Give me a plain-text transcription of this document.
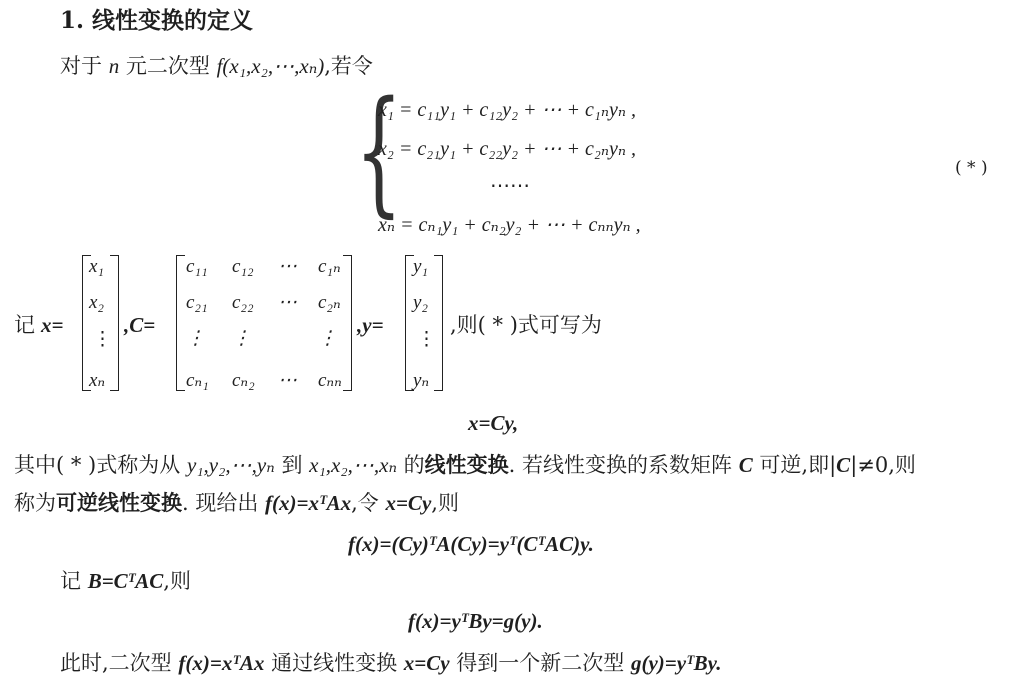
1. 线性变换的定义
对于 n 元二次型 f(x₁,x₂,⋯,xₙ),若令
{
x₁ = c₁₁y₁ + c₁₂y₂ + ⋯ + c₁ₙyₙ ,
x₂ = c₂₁y₁ + c₂₂y₂ + ⋯ + c₂ₙyₙ ,
⋯⋯
xₙ = cₙ₁y₁ + cₙ₂y₂ + ⋯ + cₙₙyₙ ,
( * )
记 x=
x₁
x₂
⋮
xₙ
,C=
c₁₁ c₁₂ ⋯ c₁ₙ
c₂₁ c₂₂ ⋯ c₂ₙ
⋮ ⋮	⋮
cₙ₁ cₙ₂ ⋯ cₙₙ
,y=
y₁
y₂
⋮
yₙ
,则( * )式可写为
x=Cy,
其中( * )式称为从 y₁,y₂,⋯,yₙ 到 x₁,x₂,⋯,xₙ 的线性变换. 若线性变换的系数矩阵 C 可逆,即|C|≠0,则
称为可逆线性变换. 现给出 f(x)=xᵀAx,令 x=Cy,则
f(x)=(Cy)ᵀA(Cy)=yᵀ(CᵀAC)y.
记 B=CᵀAC,则
f(x)=yᵀBy=g(y).
此时,二次型 f(x)=xᵀAx 通过线性变换 x=Cy 得到一个新二次型 g(y)=yᵀBy.
